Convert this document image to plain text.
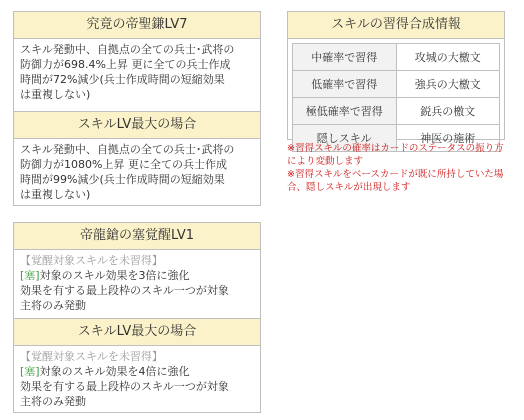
究竟の帝聖鎌LV7
スキル発動中、自拠点の全ての兵士･武将の
防御力が698.4%上昇 更に全ての兵士作成
時間が72%減少(兵士作成時間の短縮効果
は重複しない)
スキルLV最大の場合
スキル発動中、自拠点の全ての兵士･武将の
防御力が1080%上昇 更に全ての兵士作成
時間が99%減少(兵士作成時間の短縮効果
は重複しない)
スキルの習得合成情報
中確率で習得	攻城の大檄文
低確率で習得	強兵の大檄文
極低確率で習得	鋭兵の檄文
隠しスキル	神医の施術
※習得スキルの確率はカードのステータスの振り方
により変動します
※習得スキルをベースカードが既に所持していた場
合、隠しスキルが出現します
帝龍鎗の塞覚醒LV1
【覚醒対象スキルを未習得】
[塞]対象のスキル効果を3倍に強化
効果を有する最上段枠のスキル一つが対象
主将のみ発動
スキルLV最大の場合
【覚醒対象スキルを未習得】
[塞]対象のスキル効果を4倍に強化
効果を有する最上段枠のスキル一つが対象
主将のみ発動
